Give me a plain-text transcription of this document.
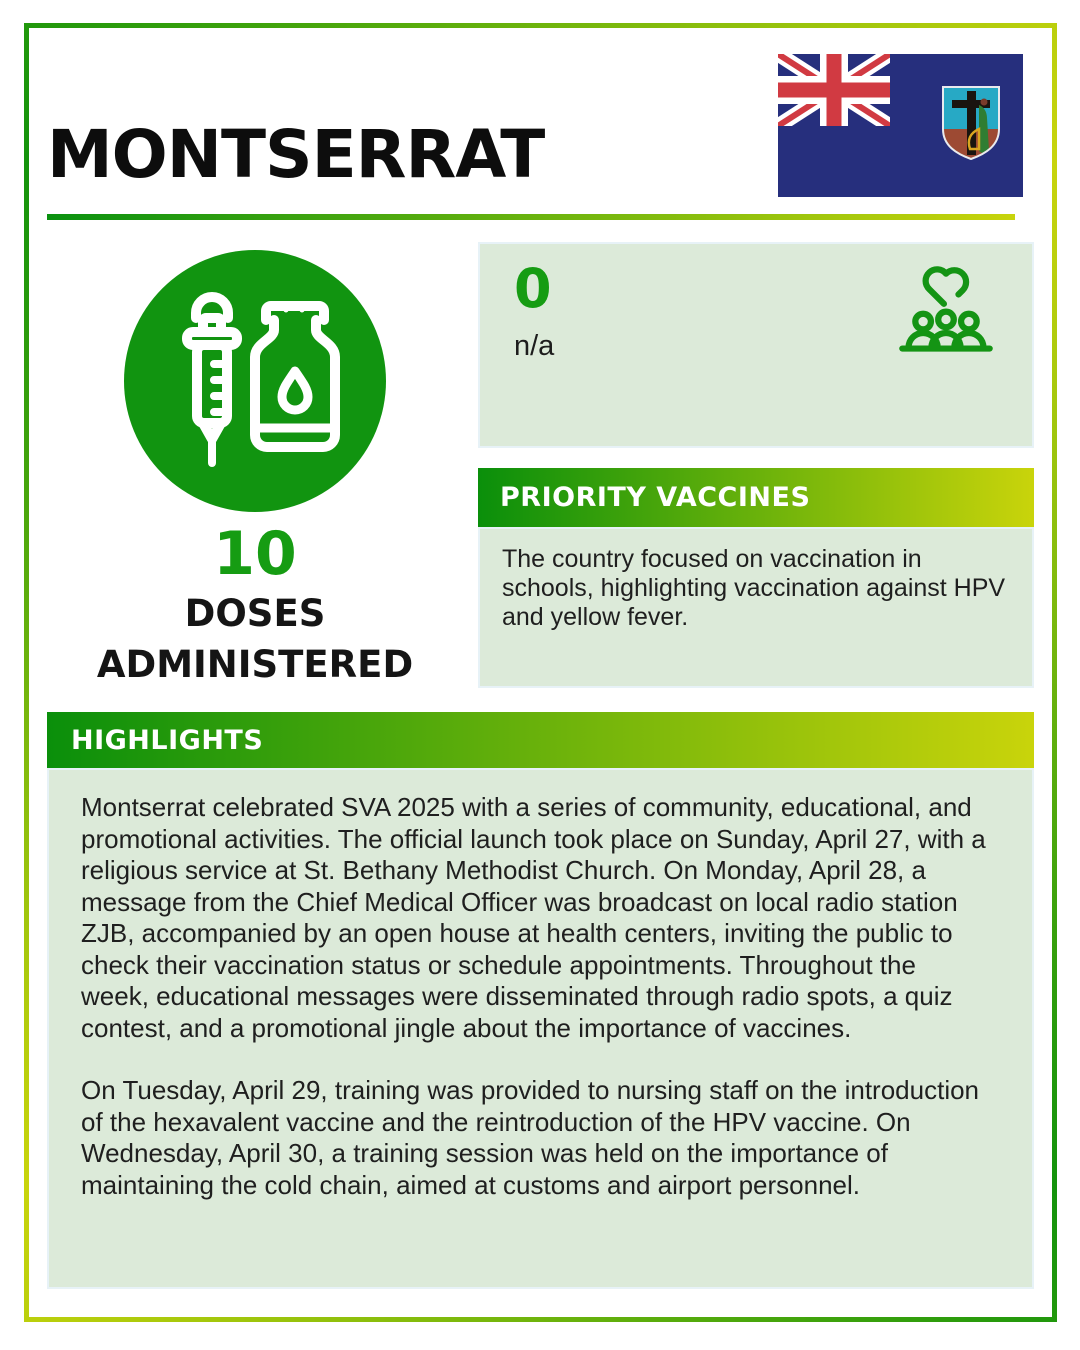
MONTSERRAT
10
DOSES
ADMINISTERED
0
n/a
PRIORITY VACCINES
The country focused on vaccination in schools, highlighting vaccination against HPV and yellow fever.
HIGHLIGHTS

Montserrat celebrated SVA 2025 with a series of community, educational, and promotional activities. The official launch took place on Sunday, April 27, with a religious service at St. Bethany Methodist Church. On Monday, April 28, a message from the Chief Medical Officer was broadcast on local radio station ZJB, accompanied by an open house at health centers, inviting the public to check their vaccination status or schedule appointments. Throughout the week, educational messages were disseminated through radio spots, a quiz contest, and a promotional jingle about the importance of vaccines.

On Tuesday, April 29, training was provided to nursing staff on the introduction of the hexavalent vaccine and the reintroduction of the HPV vaccine. On Wednesday, April 30, a training session was held on the importance of maintaining the cold chain, aimed at customs and airport personnel.
